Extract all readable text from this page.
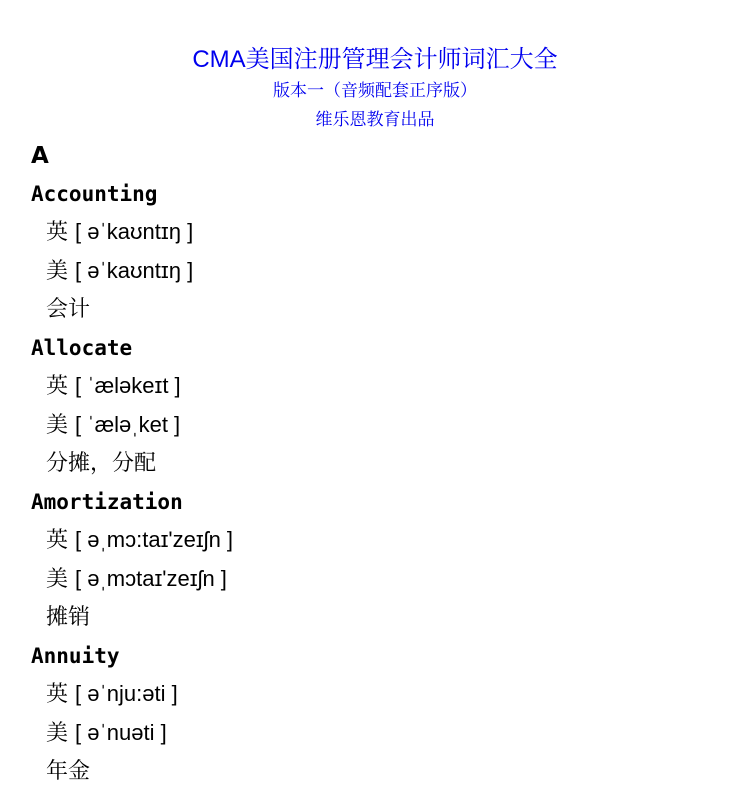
CMA美国注册管理会计师词汇大全
版本一（音频配套正序版）
维乐恩教育出品
A
Accounting
英 [ əˈkaʊntɪŋ ]
美 [ əˈkaʊntɪŋ ]
会计
Allocate
英 [ ˈæləkeɪt ]
美 [ ˈæləˌket ]
分摊，分配
Amortization
英 [ əˌmɔ:taɪ'zeɪʃn ]
美 [ əˌmɔtaɪ'zeɪʃn ]
摊销
Annuity
英 [ əˈnju:əti ]
美 [ əˈnuəti ]
年金
